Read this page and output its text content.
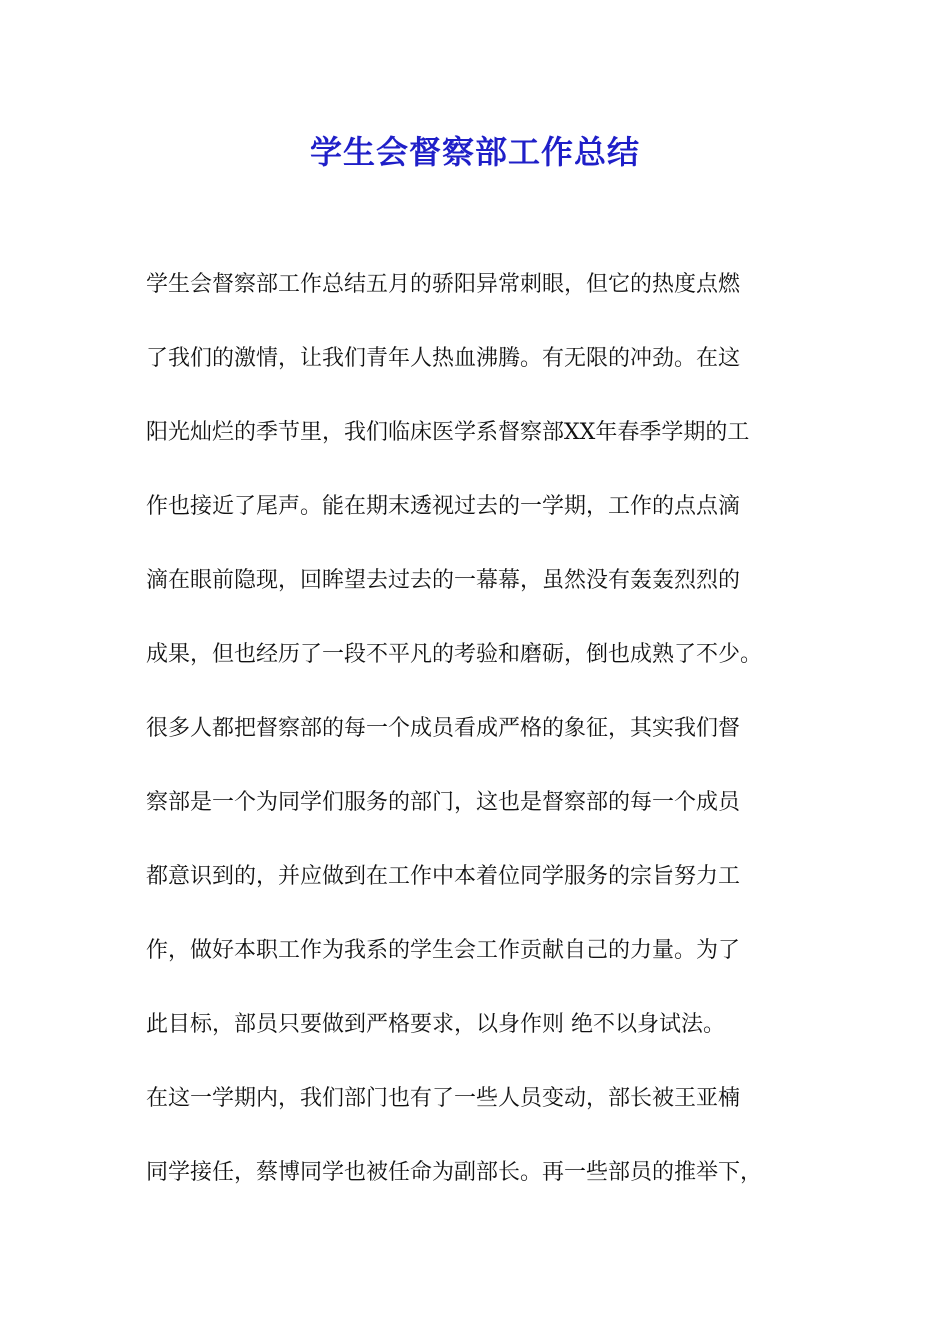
学生会督察部工作总结
学生会督察部工作总结五月的骄阳异常刺眼，但它的热度点燃
了我们的激情，让我们青年人热血沸腾。有无限的冲劲。在这
阳光灿烂的季节里，我们临床医学系督察部XX年春季学期的工
作也接近了尾声。能在期末透视过去的一学期，工作的点点滴
滴在眼前隐现，回眸望去过去的一幕幕，虽然没有轰轰烈烈的
成果，但也经历了一段不平凡的考验和磨砺，倒也成熟了不少。
很多人都把督察部的每一个成员看成严格的象征，其实我们督
察部是一个为同学们服务的部门，这也是督察部的每一个成员
都意识到的，并应做到在工作中本着位同学服务的宗旨努力工
作，做好本职工作为我系的学生会工作贡献自己的力量。为了
此目标，部员只要做到严格要求，以身作则 绝不以身试法。
在这一学期内，我们部门也有了一些人员变动，部长被王亚楠
同学接任，蔡博同学也被任命为副部长。再一些部员的推举下，
